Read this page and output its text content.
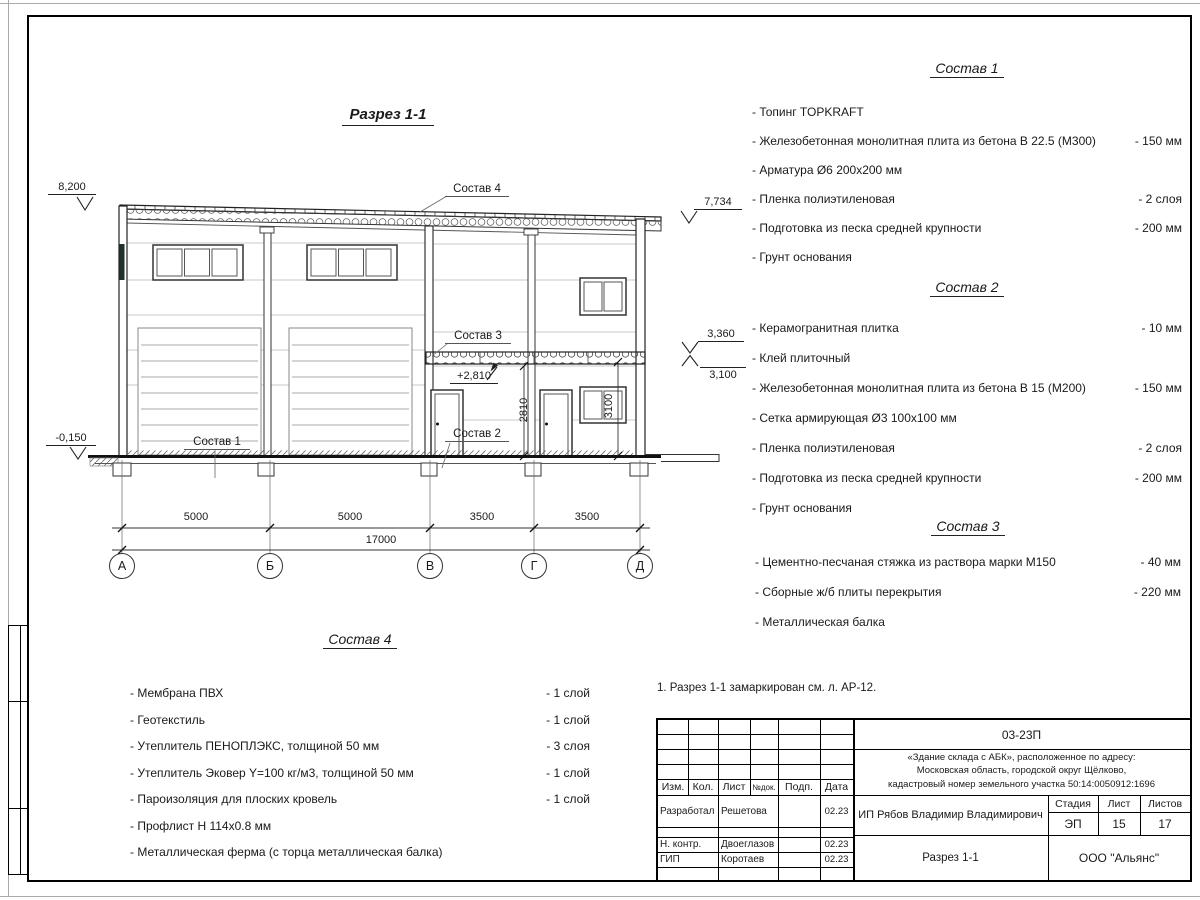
Разрез 1-1
8,200
7,734
3,360
3,100
-0,150
+2,810
Состав 4
Состав 3
Состав 2
Состав 1
2810	3100
5000	5000	3500	3500
17000
А	Б	В	Г	Д
1. Разрез 1-1 замаркирован см. л. АР-12.
Состав 1
- Топинг TOPKRAFT
- Железобетонная монолитная плита из бетона В 22.5 (М300)	- 150 мм
- Арматура Ø6 200х200 мм
- Пленка полиэтиленовая	- 2 слоя
- Подготовка из песка средней крупности	- 200 мм
- Грунт основания
Состав 2
- Керамогранитная плитка	- 10 мм
- Клей плиточный
- Железобетонная монолитная плита из бетона В 15 (М200)	- 150 мм
- Сетка армирующая Ø3 100х100 мм
- Пленка полиэтиленовая	- 2 слоя
- Подготовка из песка средней крупности	- 200 мм
- Грунт основания
Состав 3
- Цементно-песчаная стяжка из раствора марки М150	- 40 мм
- Сборные ж/б плиты перекрытия	- 220 мм
- Металлическая балка
Состав 4
- Мембрана ПВХ	- 1 слой
- Геотекстиль	- 1 слой
- Утеплитель ПЕНОПЛЭКС, толщиной 50 мм	- 3 слоя
- Утеплитель Эковер Y=100 кг/м3, толщиной 50 мм	- 1 слой
- Пароизоляция для плоских кровель	- 1 слой
- Профлист Н 114х0.8 мм
- Металлическая ферма (с торца металлическая балка)
Изм. Кол. Лист №док. Подп.	Дата
Разработал Решетова	02.23
Н. контр.	Двоеглазов	02.23
ГИП	Коротаев	02.23
03-23П
«Здание склада с АБК», расположенное по адресу:
Московская область, городской округ Щёлково,
кадастровый номер земельного участка 50:14:0050912:1696
ИП Рябов Владимир Владимирович
Стадия	Лист	Листов
ЭП	15	17
Разрез 1-1	ООО "Альянс"
